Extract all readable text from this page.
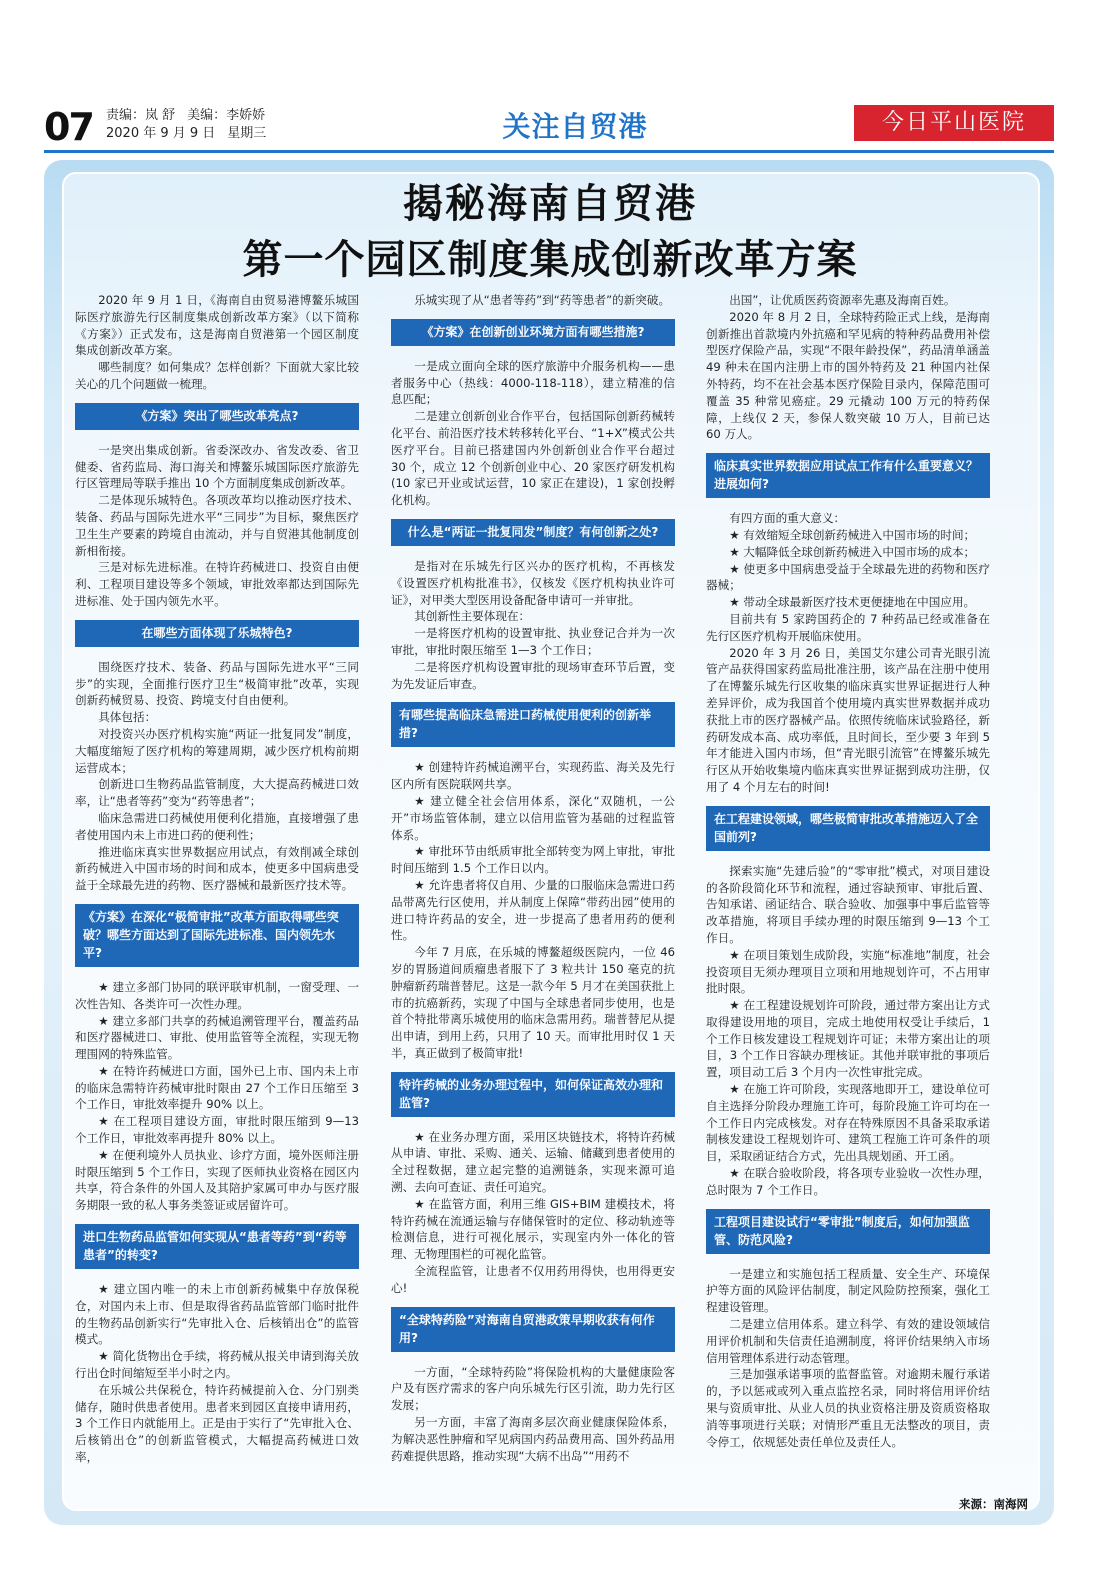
07 责编：岚 舒 美编：李娇娇
2020 年 9 月 9 日 星期三	关注自贸港	今日平山医院
揭秘海南自贸港
第一个园区制度集成创新改革方案

2020 年 9 月 1 日，《海南自由贸易港博鳌乐城国际医疗旅游先行区制度集成创新改革方案》（以下简称《方案》）正式发布，这是海南自贸港第一个园区制度集成创新改革方案。

哪些制度？如何集成？怎样创新？下面就大家比较关心的几个问题做一梳理。

《方案》突出了哪些改革亮点?

一是突出集成创新。省委深改办、省发改委、省卫健委、省药监局、海口海关和博鳌乐城国际医疗旅游先行区管理局等联手推出 10 个方面制度集成创新改革。

二是体现乐城特色。各项改革均以推动医疗技术、装备、药品与国际先进水平“三同步”为目标，聚焦医疗卫生生产要素的跨境自由流动，并与自贸港其他制度创新相衔接。

三是对标先进标准。在特许药械进口、投资自由便利、工程项目建设等多个领域，审批效率都达到国际先进标准、处于国内领先水平。

在哪些方面体现了乐城特色?

围绕医疗技术、装备、药品与国际先进水平“三同步”的实现，全面推行医疗卫生“极简审批”改革，实现创新药械贸易、投资、跨境支付自由便利。

具体包括：

对投资兴办医疗机构实施“两证一批复同发”制度，大幅度缩短了医疗机构的筹建周期，减少医疗机构前期运营成本；

创新进口生物药品监管制度，大大提高药械进口效率，让“患者等药”变为“药等患者”；

临床急需进口药械使用便利化措施，直接增强了患者使用国内未上市进口药的便利性；

推进临床真实世界数据应用试点，有效削减全球创新药械进入中国市场的时间和成本，使更多中国病患受益于全球最先进的药物、医疗器械和最新医疗技术等。

《方案》在深化“极简审批”改革方面取得哪些突破？哪些方面达到了国际先进标准、国内领先水平?

★ 建立多部门协同的联评联审机制，一窗受理、一次性告知、各类许可一次性办理。

★ 建立多部门共享的药械追溯管理平台，覆盖药品和医疗器械进口、审批、使用监管等全流程，实现无物理围网的特殊监管。

★ 在特许药械进口方面，国外已上市、国内未上市的临床急需特许药械审批时限由 27 个工作日压缩至 3 个工作日，审批效率提升 90% 以上。

★ 在工程项目建设方面，审批时限压缩到 9—13 个工作日，审批效率再提升 80% 以上。

★ 在便利境外人员执业、诊疗方面，境外医师注册时限压缩到 5 个工作日，实现了医师执业资格在园区内共享，符合条件的外国人及其陪护家属可申办与医疗服务期限一致的私人事务类签证或居留许可。

进口生物药品监管如何实现从“患者等药”到“药等患者”的转变?

★ 建立国内唯一的未上市创新药械集中存放保税仓，对国内未上市、但是取得省药品监管部门临时批件的生物药品创新实行“先审批入仓、后核销出仓”的监管模式。

★ 简化货物出仓手续，将药械从报关申请到海关放行出仓时间缩短至半小时之内。

在乐城公共保税仓，特许药械提前入仓、分门别类储存，随时供患者使用。患者来到园区直接申请用药，3 个工作日内就能用上。正是由于实行了“先审批入仓、后核销出仓”的创新监管模式，大幅提高药械进口效率，

乐城实现了从“患者等药”到“药等患者”的新突破。

《方案》在创新创业环境方面有哪些措施?

一是成立面向全球的医疗旅游中介服务机构——患者服务中心（热线：4000-118-118），建立精准的信息匹配；

二是建立创新创业合作平台，包括国际创新药械转化平台、前沿医疗技术转移转化平台、“1+X”模式公共医疗平台。目前已搭建国内外创新创业合作平台超过 30 个，成立 12 个创新创业中心、20 家医疗研发机构(10 家已开业或试运营，10 家正在建设)，1 家创投孵化机构。

什么是“两证一批复同发”制度？有何创新之处?

是指对在乐城先行区兴办的医疗机构，不再核发《设置医疗机构批准书》，仅核发《医疗机构执业许可证》，对甲类大型医用设备配备申请可一并审批。

其创新性主要体现在：

一是将医疗机构的设置审批、执业登记合并为一次审批，审批时限压缩至 1—3 个工作日；

二是将医疗机构设置审批的现场审查环节后置，变为先发证后审查。

有哪些提高临床急需进口药械使用便利的创新举措?

★ 创建特许药械追溯平台，实现药监、海关及先行区内所有医院联网共享。

★ 建立健全社会信用体系，深化“双随机，一公开”市场监管体制，建立以信用监管为基础的过程监管体系。

★ 审批环节由纸质审批全部转变为网上审批，审批时间压缩到 1.5 个工作日以内。

★ 允许患者将仅自用、少量的口服临床急需进口药品带离先行区使用，并从制度上保障“带药出园”使用的进口特许药品的安全，进一步提高了患者用药的便利性。

今年 7 月底，在乐城的博鳌超级医院内，一位 46 岁的胃肠道间质瘤患者服下了 3 粒共计 150 毫克的抗肿瘤新药瑞普替尼。这是一款今年 5 月才在美国获批上市的抗癌新药，实现了中国与全球患者同步使用，也是首个特批带离乐城使用的临床急需用药。瑞普替尼从提出申请，到用上药，只用了 10 天。而审批用时仅 1 天半，真正做到了极简审批!

特许药械的业务办理过程中，如何保证高效办理和监管?

★ 在业务办理方面，采用区块链技术，将特许药械从申请、审批、采购、通关、运输、储藏到患者使用的全过程数据，建立起完整的追溯链条，实现来源可追溯、去向可查证、责任可追究。

★ 在监管方面，利用三维 GIS+BIM 建模技术，将特许药械在流通运输与存储保管时的定位、移动轨迹等检测信息，进行可视化展示，实现室内外一体化的管理、无物理围栏的可视化监管。

全流程监管，让患者不仅用药用得快，也用得更安心!

“全球特药险”对海南自贸港政策早期收获有何作用?

一方面，“全球特药险”将保险机构的大量健康险客户及有医疗需求的客户向乐城先行区引流，助力先行区发展；

另一方面，丰富了海南多层次商业健康保险体系，为解决恶性肿瘤和罕见病国内药品费用高、国外药品用药难提供思路，推动实现“大病不出岛”“用药不

出国”，让优质医药资源率先惠及海南百姓。

2020 年 8 月 2 日，全球特药险正式上线，是海南创新推出首款境内外抗癌和罕见病的特种药品费用补偿型医疗保险产品，实现“不限年龄投保”，药品清单涵盖 49 种未在国内注册上市的国外特药及 21 种国内社保外特药，均不在社会基本医疗保险目录内，保障范围可覆盖 35 种常见癌症。29 元撬动 100 万元的特药保障，上线仅 2 天，参保人数突破 10 万人，目前已达 60 万人。

临床真实世界数据应用试点工作有什么重要意义？进展如何?

有四方面的重大意义：

★ 有效缩短全球创新药械进入中国市场的时间；

★ 大幅降低全球创新药械进入中国市场的成本；

★ 使更多中国病患受益于全球最先进的药物和医疗器械；

★ 带动全球最新医疗技术更便捷地在中国应用。

目前共有 5 家跨国药企的 7 种药品已经或准备在先行区医疗机构开展临床使用。

2020 年 3 月 26 日，美国艾尔建公司青光眼引流管产品获得国家药监局批准注册，该产品在注册中使用了在博鳌乐城先行区收集的临床真实世界证据进行人种差异评价，成为我国首个使用境内真实世界数据并成功获批上市的医疗器械产品。依照传统临床试验路径，新药研发成本高、成功率低，且时间长，至少要 3 年到 5 年才能进入国内市场，但“青光眼引流管”在博鳌乐城先行区从开始收集境内临床真实世界证据到成功注册，仅用了 4 个月左右的时间!

在工程建设领域，哪些极简审批改革措施迈入了全国前列?

探索实施“先建后验”的“零审批”模式，对项目建设的各阶段简化环节和流程，通过容缺预审、审批后置、告知承诺、函证结合、联合验收、加强事中事后监管等改革措施，将项目手续办理的时限压缩到 9—13 个工作日。

★ 在项目策划生成阶段，实施“标准地”制度，社会投资项目无须办理项目立项和用地规划许可，不占用审批时限。

★ 在工程建设规划许可阶段，通过带方案出让方式取得建设用地的项目，完成土地使用权受让手续后，1 个工作日核发建设工程规划许可证；未带方案出让的项目，3 个工作日容缺办理核证。其他并联审批的事项后置，项目动工后 3 个月内一次性审批完成。

★ 在施工许可阶段，实现落地即开工，建设单位可自主选择分阶段办理施工许可，每阶段施工许可均在一个工作日内完成核发。对存在特殊原因不具备采取承诺制核发建设工程规划许可、建筑工程施工许可条件的项目，采取函证结合方式，先出具规划函、开工函。

★ 在联合验收阶段，将各项专业验收一次性办理，总时限为 7 个工作日。

工程项目建设试行“零审批”制度后，如何加强监管、防范风险?

一是建立和实施包括工程质量、安全生产、环境保护等方面的风险评估制度，制定风险防控预案，强化工程建设管理。

二是建立信用体系。建立科学、有效的建设领域信用评价机制和失信责任追溯制度，将评价结果纳入市场信用管理体系进行动态管理。

三是加强承诺事项的监督监管。对逾期未履行承诺的，予以惩戒或列入重点监控名录，同时将信用评价结果与资质审批、从业人员的执业资格注册及资质资格取消等事项进行关联；对情形严重且无法整改的项目，责令停工，依规惩处责任单位及责任人。

来源：南海网
